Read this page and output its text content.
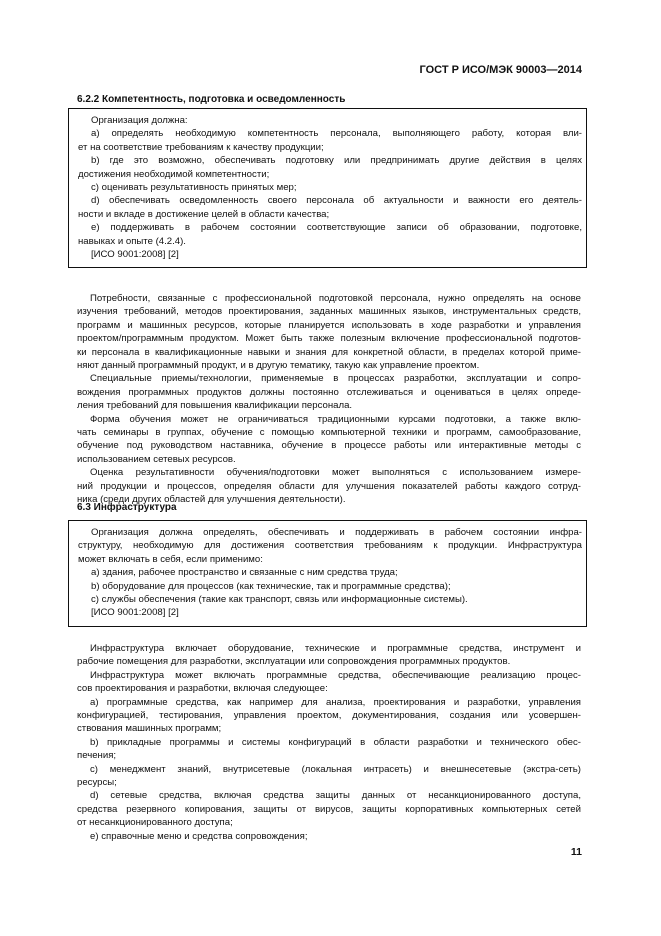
ГОСТ Р ИСО/МЭК 90003—2014
6.2.2 Компетентность, подготовка и осведомленность
Организация должна:
a) определять необходимую компетентность персонала, выполняющего работу, которая вли-
ет на соответствие требованиям к качеству продукции;
b) где это возможно, обеспечивать подготовку или предпринимать другие действия в целях
достижения необходимой компетентности;
c) оценивать результативность принятых мер;
d) обеспечивать осведомленность своего персонала об актуальности и важности его деятель-
ности и вкладе в достижение целей в области качества;
e) поддерживать в рабочем состоянии соответствующие записи об образовании, подготовке,
навыках и опыте (4.2.4).
[ИСО 9001:2008] [2]
Потребности, связанные с профессиональной подготовкой персонала, нужно определять на основе
изучения требований, методов проектирования, заданных машинных языков, инструментальных средств,
программ и машинных ресурсов, которые планируется использовать в ходе разработки и управления
проектом/программным продуктом. Может быть также полезным включение профессиональной подготов-
ки персонала в квалификационные навыки и знания для конкретной области, в пределах которой приме-
няют данный программный продукт, и в другую тематику, такую как управление проектом.
Специальные приемы/технологии, применяемые в процессах разработки, эксплуатации и сопро-
вождения программных продуктов должны постоянно отслеживаться и оцениваться в целях опреде-
ления требований для повышения квалификации персонала.
Форма обучения может не ограничиваться традиционными курсами подготовки, а также вклю-
чать семинары в группах, обучение с помощью компьютерной техники и программ, самообразование,
обучение под руководством наставника, обучение в процессе работы или интерактивные методы с
использованием сетевых ресурсов.
Оценка результативности обучения/подготовки может выполняться с использованием измере-
ний продукции и процессов, определяя области для улучшения показателей работы каждого сотруд-
ника (среди других областей для улучшения деятельности).
6.3 Инфраструктура
Организация должна определять, обеспечивать и поддерживать в рабочем состоянии инфра-
структуру, необходимую для достижения соответствия требованиям к продукции. Инфраструктура
может включать в себя, если применимо:
a) здания, рабочее пространство и связанные с ним средства труда;
b) оборудование для процессов (как технические, так и программные средства);
c) службы обеспечения (такие как транспорт, связь или информационные системы).
[ИСО 9001:2008] [2]
Инфраструктура включает оборудование, технические и программные средства, инструмент и
рабочие помещения для разработки, эксплуатации или сопровождения программных продуктов.
Инфраструктура может включать программные средства, обеспечивающие реализацию процес-
сов проектирования и разработки, включая следующее:
a) программные средства, как например для анализа, проектирования и разработки, управления
конфигурацией, тестирования, управления проектом, документирования, создания или усовершен-
ствования машинных программ;
b) прикладные программы и системы конфигураций в области разработки и технического обес-
печения;
c) менеджмент знаний, внутрисетевые (локальная интрасеть) и внешнесетевые (экстра-сеть)
ресурсы;
d) сетевые средства, включая средства защиты данных от несанкционированного доступа,
средства резервного копирования, защиты от вирусов, защиты корпоративных компьютерных сетей
от несанкционированного доступа;
e) справочные меню и средства сопровождения;
11
